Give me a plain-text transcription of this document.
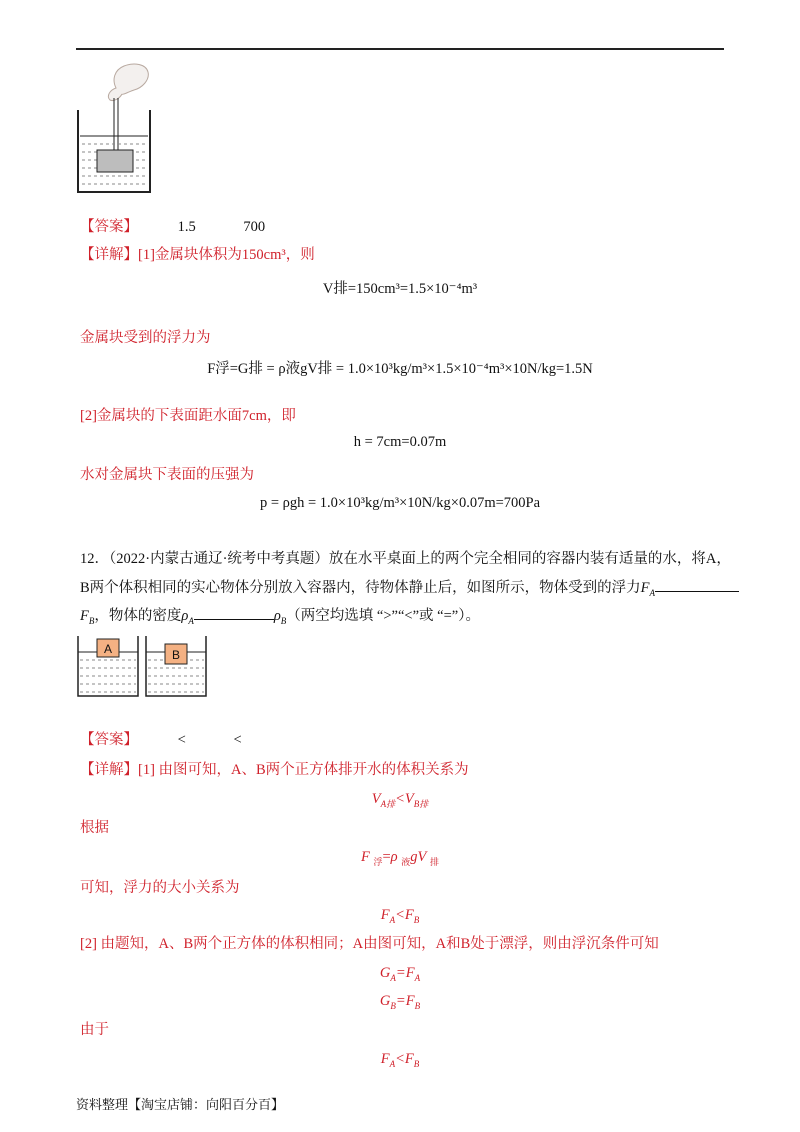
【答案】	1.5	700
【详解】[1]金属块体积为150cm³，则
V排=150cm³=1.5×10⁻⁴m³
金属块受到的浮力为
F浮=G排 = ρ液gV排 = 1.0×10³kg/m³×1.5×10⁻⁴m³×10N/kg=1.5N
[2]金属块的下表面距水面7cm，即
h = 7cm=0.07m
水对金属块下表面的压强为
p = ρgh = 1.0×10³kg/m³×10N/kg×0.07m=700Pa
12．（2022·内蒙古通辽·统考中考真题）放在水平桌面上的两个完全相同的容器内装有适量的水，将A，
B两个体积相同的实心物体分别放入容器内，待物体静止后，如图所示，物体受到的浮力$F_A$
$F_B$，物体的密度$\rho_A$	$\rho_B$（两空均选填 “>”“<”或 “=”）。
A	B
【答案】	<	<
【详解】[1] 由图可知，A、B两个正方体排开水的体积关系为
$V_{A排}<V_{B排}$
根据
F $_浮$=ρ $_液$gV $_排$
可知，浮力的大小关系为
$F_A<F_B$
[2] 由题知，A、B两个正方体的体积相同；A由图可知，A和B处于漂浮，则由浮沉条件可知
$G_A=F_A$
$G_B=F_B$
由于
$F_A<F_B$
资料整理【淘宝店铺：向阳百分百】
